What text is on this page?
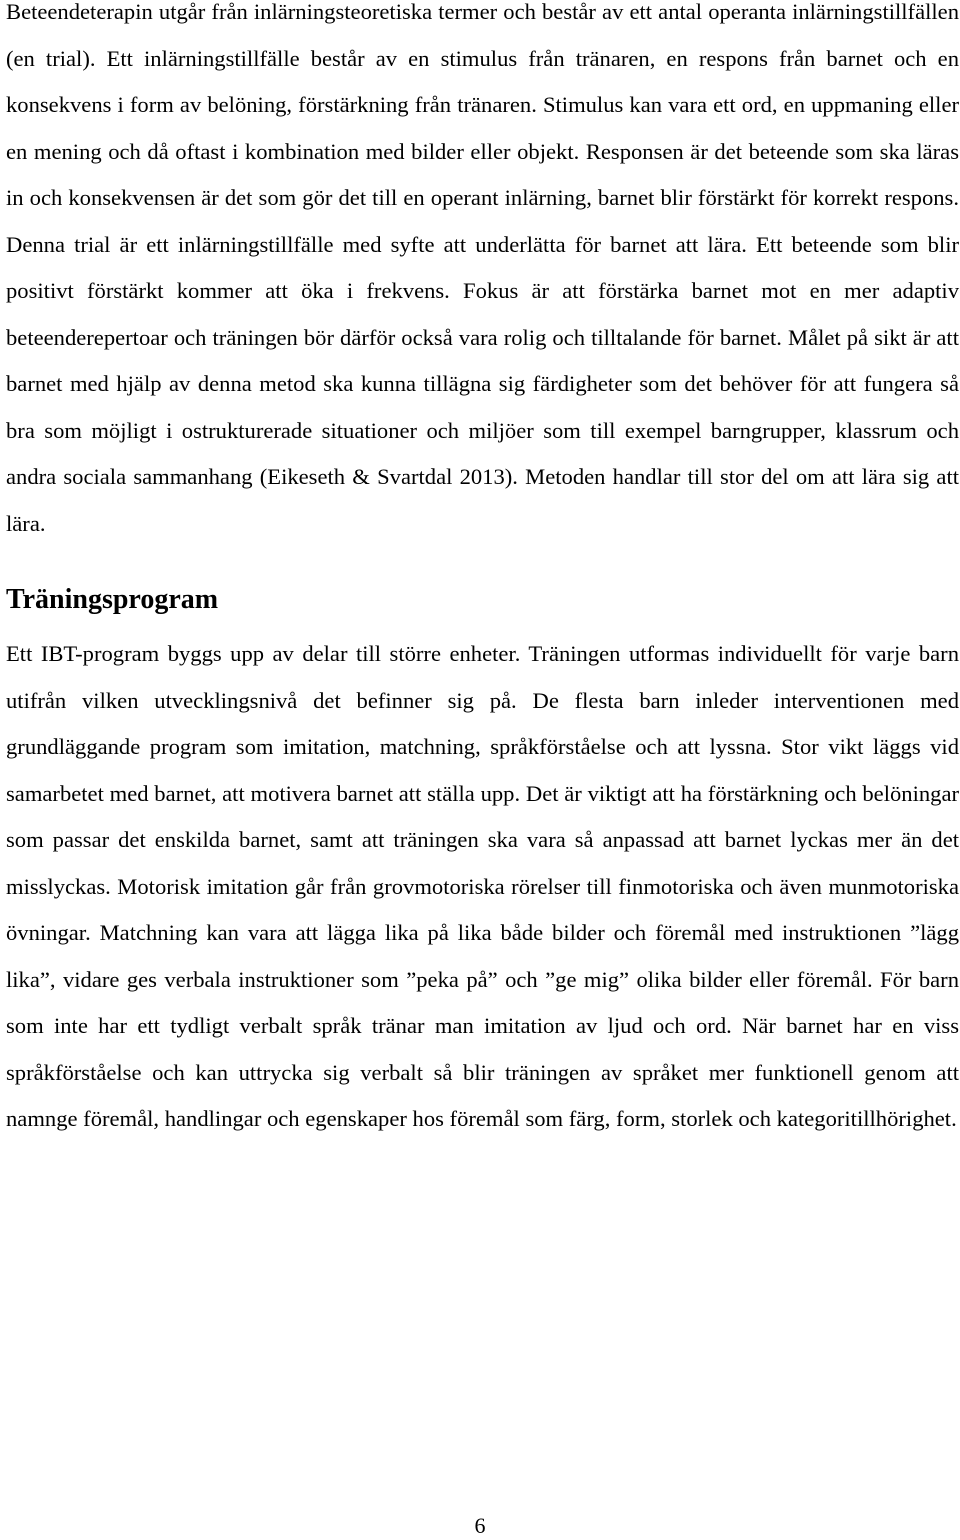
Beteendeterapin utgår från inlärningsteoretiska termer och består av ett antal operanta inlärningstillfällen (en trial). Ett inlärningstillfälle består av en stimulus från tränaren, en respons från barnet och en konsekvens i form av belöning, förstärkning från tränaren. Stimulus kan vara ett ord, en uppmaning eller en mening och då oftast i kombination med bilder eller objekt. Responsen är det beteende som ska läras in och konsekvensen är det som gör det till en operant inlärning, barnet blir förstärkt för korrekt respons. Denna trial är ett inlärningstillfälle med syfte att underlätta för barnet att lära. Ett beteende som blir positivt förstärkt kommer att öka i frekvens. Fokus är att förstärka barnet mot en mer adaptiv beteenderepertoar och träningen bör därför också vara rolig och tilltalande för barnet. Målet på sikt är att barnet med hjälp av denna metod ska kunna tillägna sig färdigheter som det behöver för att fungera så bra som möjligt i ostrukturerade situationer och miljöer som till exempel barngrupper, klassrum och andra sociala sammanhang (Eikeseth & Svartdal 2013). Metoden handlar till stor del om att lära sig att lära.

Träningsprogram

Ett IBT-program byggs upp av delar till större enheter. Träningen utformas individuellt för varje barn utifrån vilken utvecklingsnivå det befinner sig på. De flesta barn inleder interventionen med grundläggande program som imitation, matchning, språkförståelse och att lyssna. Stor vikt läggs vid samarbetet med barnet, att motivera barnet att ställa upp. Det är viktigt att ha förstärkning och belöningar som passar det enskilda barnet, samt att träningen ska vara så anpassad att barnet lyckas mer än det misslyckas. Motorisk imitation går från grovmotoriska rörelser till finmotoriska och även munmotoriska övningar. Matchning kan vara att lägga lika på lika både bilder och föremål med instruktionen ”lägg lika”, vidare ges verbala instruktioner som ”peka på” och ”ge mig” olika bilder eller föremål. För barn som inte har ett tydligt verbalt språk tränar man imitation av ljud och ord. När barnet har en viss språkförståelse och kan uttrycka sig verbalt så blir träningen av språket mer funktionell genom att namnge föremål, handlingar och egenskaper hos föremål som färg, form, storlek och kategoritillhörighet.

6
